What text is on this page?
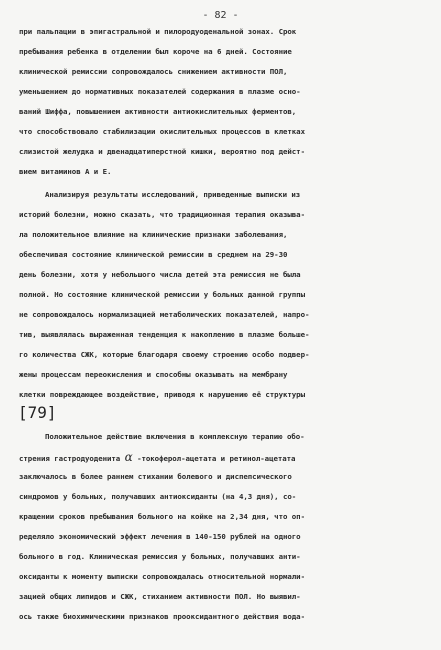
- 82 -
при пальпации в эпигастральной и пилородуоденальной зонах. Срок
пребывания ребенка в отделении был короче на 6 дней. Состояние
клинической ремиссии сопровождалось снижением активности ПОЛ,
уменьшением до нормативных показателей содержания в плазме осно-
ваний Шиффа, повышением активности антиокислительных ферментов,
что способствовало стабилизации окислительных процессов в клетках
слизистой желудка и двенадцатиперстной кишки, вероятно под дейст-
вием витаминов А и Е.
Анализируя результаты исследований, приведенные выписки из
историй болезни, можно сказать, что традиционная терапия оказыва-
ла положительное влияние на клинические признаки заболевания,
обеспечивая состояние клинической ремиссии в среднем на 29-30
день болезни, хотя у небольшого числа детей эта ремиссия не была
полной. Но состояние клинической ремиссии у больных данной группы
не сопровождалось нормализацией метаболических показателей, напро-
тив, выявлялась выраженная тенденция к накоплению в плазме больше-
го количества СЖК, которые благодаря своему строению особо подвер-
жены процессам переокисления и способны оказывать на мембрану
клетки повреждающее воздействие, приводя к нарушению её структуры
[79]
Положительное действие включения в комплексную терапию обо-
стрения гастродуоденита α -токоферол-ацетата и ретинол-ацетата
заключалось в более раннем стихании болевого и диспепсического
синдромов у больных, получавших антиоксиданты (на 4,3 дня), со-
кращении сроков пребывания больного на койке на 2,34 дня, что оп-
ределяло экономический эффект лечения в 140-150 рублей на одного
больного в год. Клиническая ремиссия у больных, получавших анти-
оксиданты к моменту выписки сопровождалась относительной нормали-
зацией общих липидов и СЖК, стиханием активности ПОЛ. Но выявил-
ось также биохимическими признаков прооксидантного действия вода-
